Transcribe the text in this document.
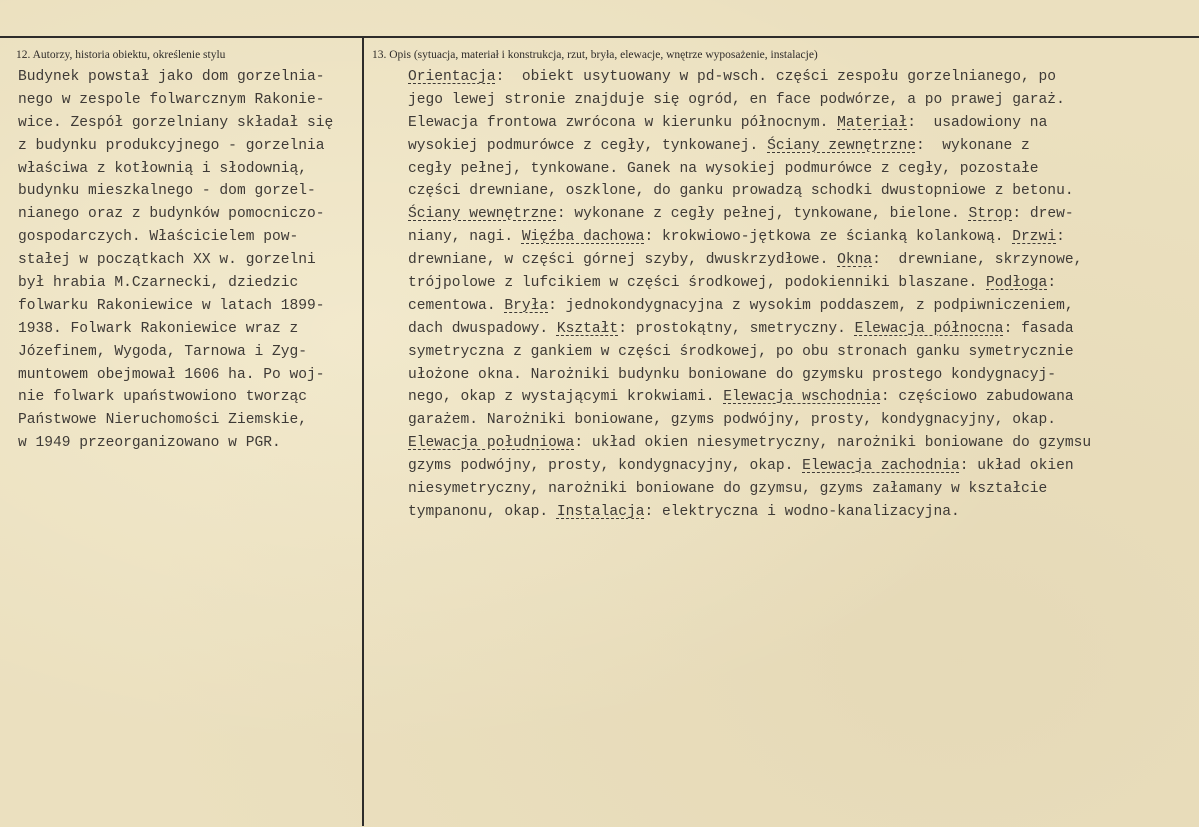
12. Autorzy, historia obiektu, określenie stylu	13. Opis (sytuacja, materiał i konstrukcja, rzut, bryła, elewacje, wnętrze wyposażenie, instalacje)
Budynek powstał jako dom gorzelnia-
nego w zespole folwarcznym Rakonie-
wice. Zespół gorzelniany składał się
z budynku produkcyjnego - gorzelnia
właściwa z kotłownią i słodownią,
budynku mieszkalnego - dom gorzel-
nianego oraz z budynków pomocniczo-
gospodarczych. Właścicielem pow-
stałej w początkach XX w. gorzelni
był hrabia M.Czarnecki, dziedzic
folwarku Rakoniewice w latach 1899-
1938. Folwark Rakoniewice wraz z
Józefinem, Wygoda, Tarnowa i Zyg-
muntowem obejmował 1606 ha. Po woj-
nie folwark upaństwowiono tworząc
Państwowe Nieruchomości Ziemskie,
w 1949 przeorganizowano w PGR.
Orientacja:  obiekt usytuowany w pd-wsch. części zespołu gorzelnianego, po
jego lewej stronie znajduje się ogród, en face podwórze, a po prawej garaż.
Elewacja frontowa zwrócona w kierunku północnym. Materiał:  usadowiony na
wysokiej podmurówce z cegły, tynkowanej. Ściany zewnętrzne:  wykonane z
cegły pełnej, tynkowane. Ganek na wysokiej podmurówce z cegły, pozostałe
części drewniane, oszklone, do ganku prowadzą schodki dwustopniowe z betonu.
Ściany wewnętrzne: wykonane z cegły pełnej, tynkowane, bielone. Strop: drew-
niany, nagi. Więźba dachowa: krokwiowo-jętkowa ze ścianką kolankową. Drzwi:
drewniane, w części górnej szyby, dwuskrzydłowe. Okna:  drewniane, skrzynowe,
trójpolowe z lufcikiem w części środkowej, podokienniki blaszane. Podłoga:
cementowa. Bryła: jednokondygnacyjna z wysokim poddaszem, z podpiwniczeniem,
dach dwuspadowy. Kształt: prostokątny, smetryczny. Elewacja północna: fasada
symetryczna z gankiem w części środkowej, po obu stronach ganku symetrycznie
ułożone okna. Narożniki budynku boniowane do gzymsku prostego kondygnacyj-
nego, okap z wystającymi krokwiami. Elewacja wschodnia: częściowo zabudowana
garażem. Narożniki boniowane, gzyms podwójny, prosty, kondygnacyjny, okap.
Elewacja południowa: układ okien niesymetryczny, narożniki boniowane do gzymsu
gzyms podwójny, prosty, kondygnacyjny, okap. Elewacja zachodnia: układ okien
niesymetryczny, narożniki boniowane do gzymsu, gzyms załamany w kształcie
tympanonu, okap. Instalacja: elektryczna i wodno-kanalizacyjna.
